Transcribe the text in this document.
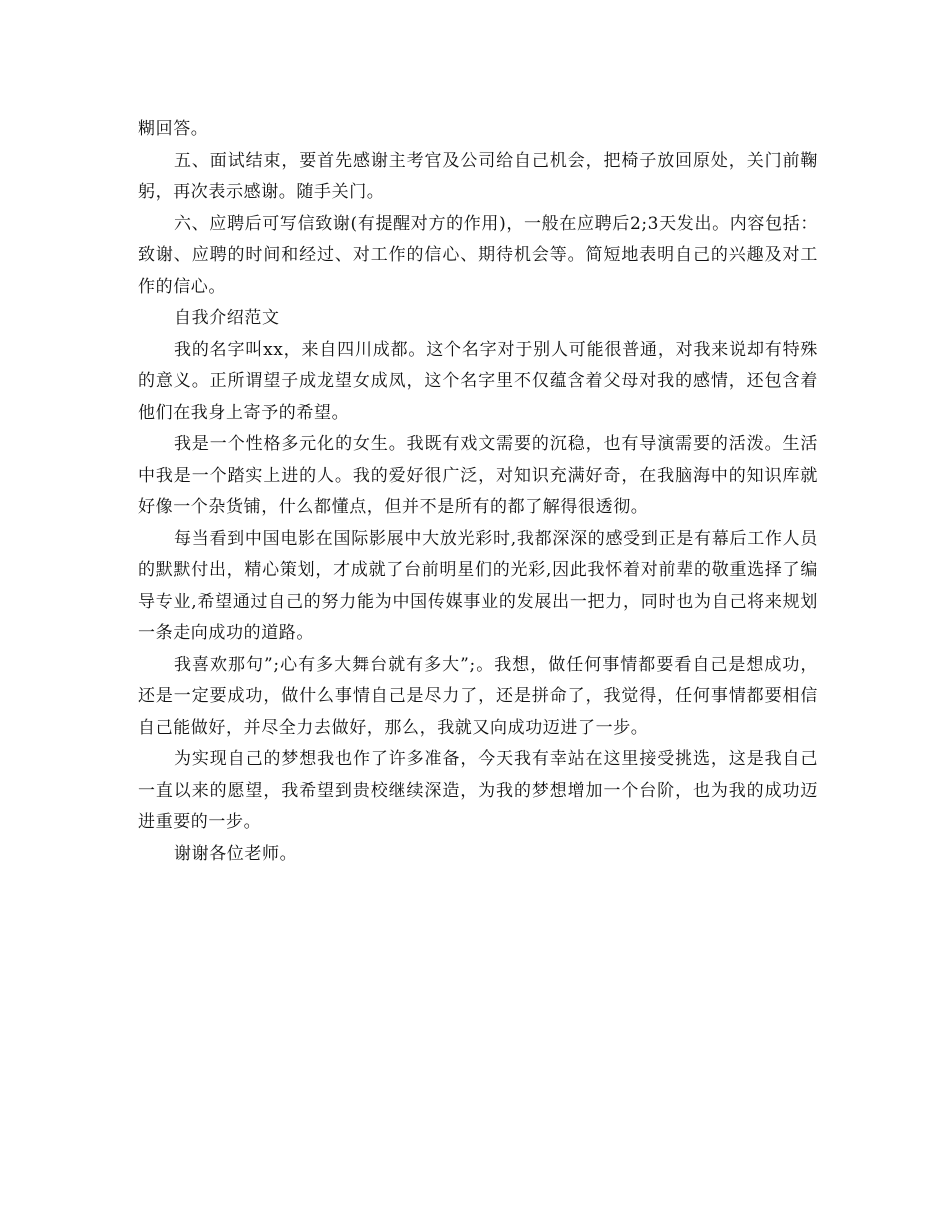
糊回答。

五、面试结束，要首先感谢主考官及公司给自己机会，把椅子放回原处，关门前鞠躬，再次表示感谢。随手关门。

六、应聘后可写信致谢(有提醒对方的作用)，一般在应聘后2;3天发出。内容包括：致谢、应聘的时间和经过、对工作的信心、期待机会等。简短地表明自己的兴趣及对工作的信心。

自我介绍范文

我的名字叫xx，来自四川成都。这个名字对于别人可能很普通，对我来说却有特殊的意义。正所谓望子成龙望女成凤，这个名字里不仅蕴含着父母对我的感情，还包含着他们在我身上寄予的希望。

我是一个性格多元化的女生。我既有戏文需要的沉稳，也有导演需要的活泼。生活中我是一个踏实上进的人。我的爱好很广泛，对知识充满好奇，在我脑海中的知识库就好像一个杂货铺，什么都懂点，但并不是所有的都了解得很透彻。

每当看到中国电影在国际影展中大放光彩时,我都深深的感受到正是有幕后工作人员的默默付出，精心策划，才成就了台前明星们的光彩,因此我怀着对前辈的敬重选择了编导专业,希望通过自己的努力能为中国传媒事业的发展出一把力，同时也为自己将来规划一条走向成功的道路。

我喜欢那句”;心有多大舞台就有多大”;。我想，做任何事情都要看自己是想成功，还是一定要成功，做什么事情自己是尽力了，还是拼命了，我觉得，任何事情都要相信自己能做好，并尽全力去做好，那么，我就又向成功迈进了一步。

为实现自己的梦想我也作了许多准备，今天我有幸站在这里接受挑选，这是我自己一直以来的愿望，我希望到贵校继续深造，为我的梦想增加一个台阶，也为我的成功迈进重要的一步。

谢谢各位老师。
